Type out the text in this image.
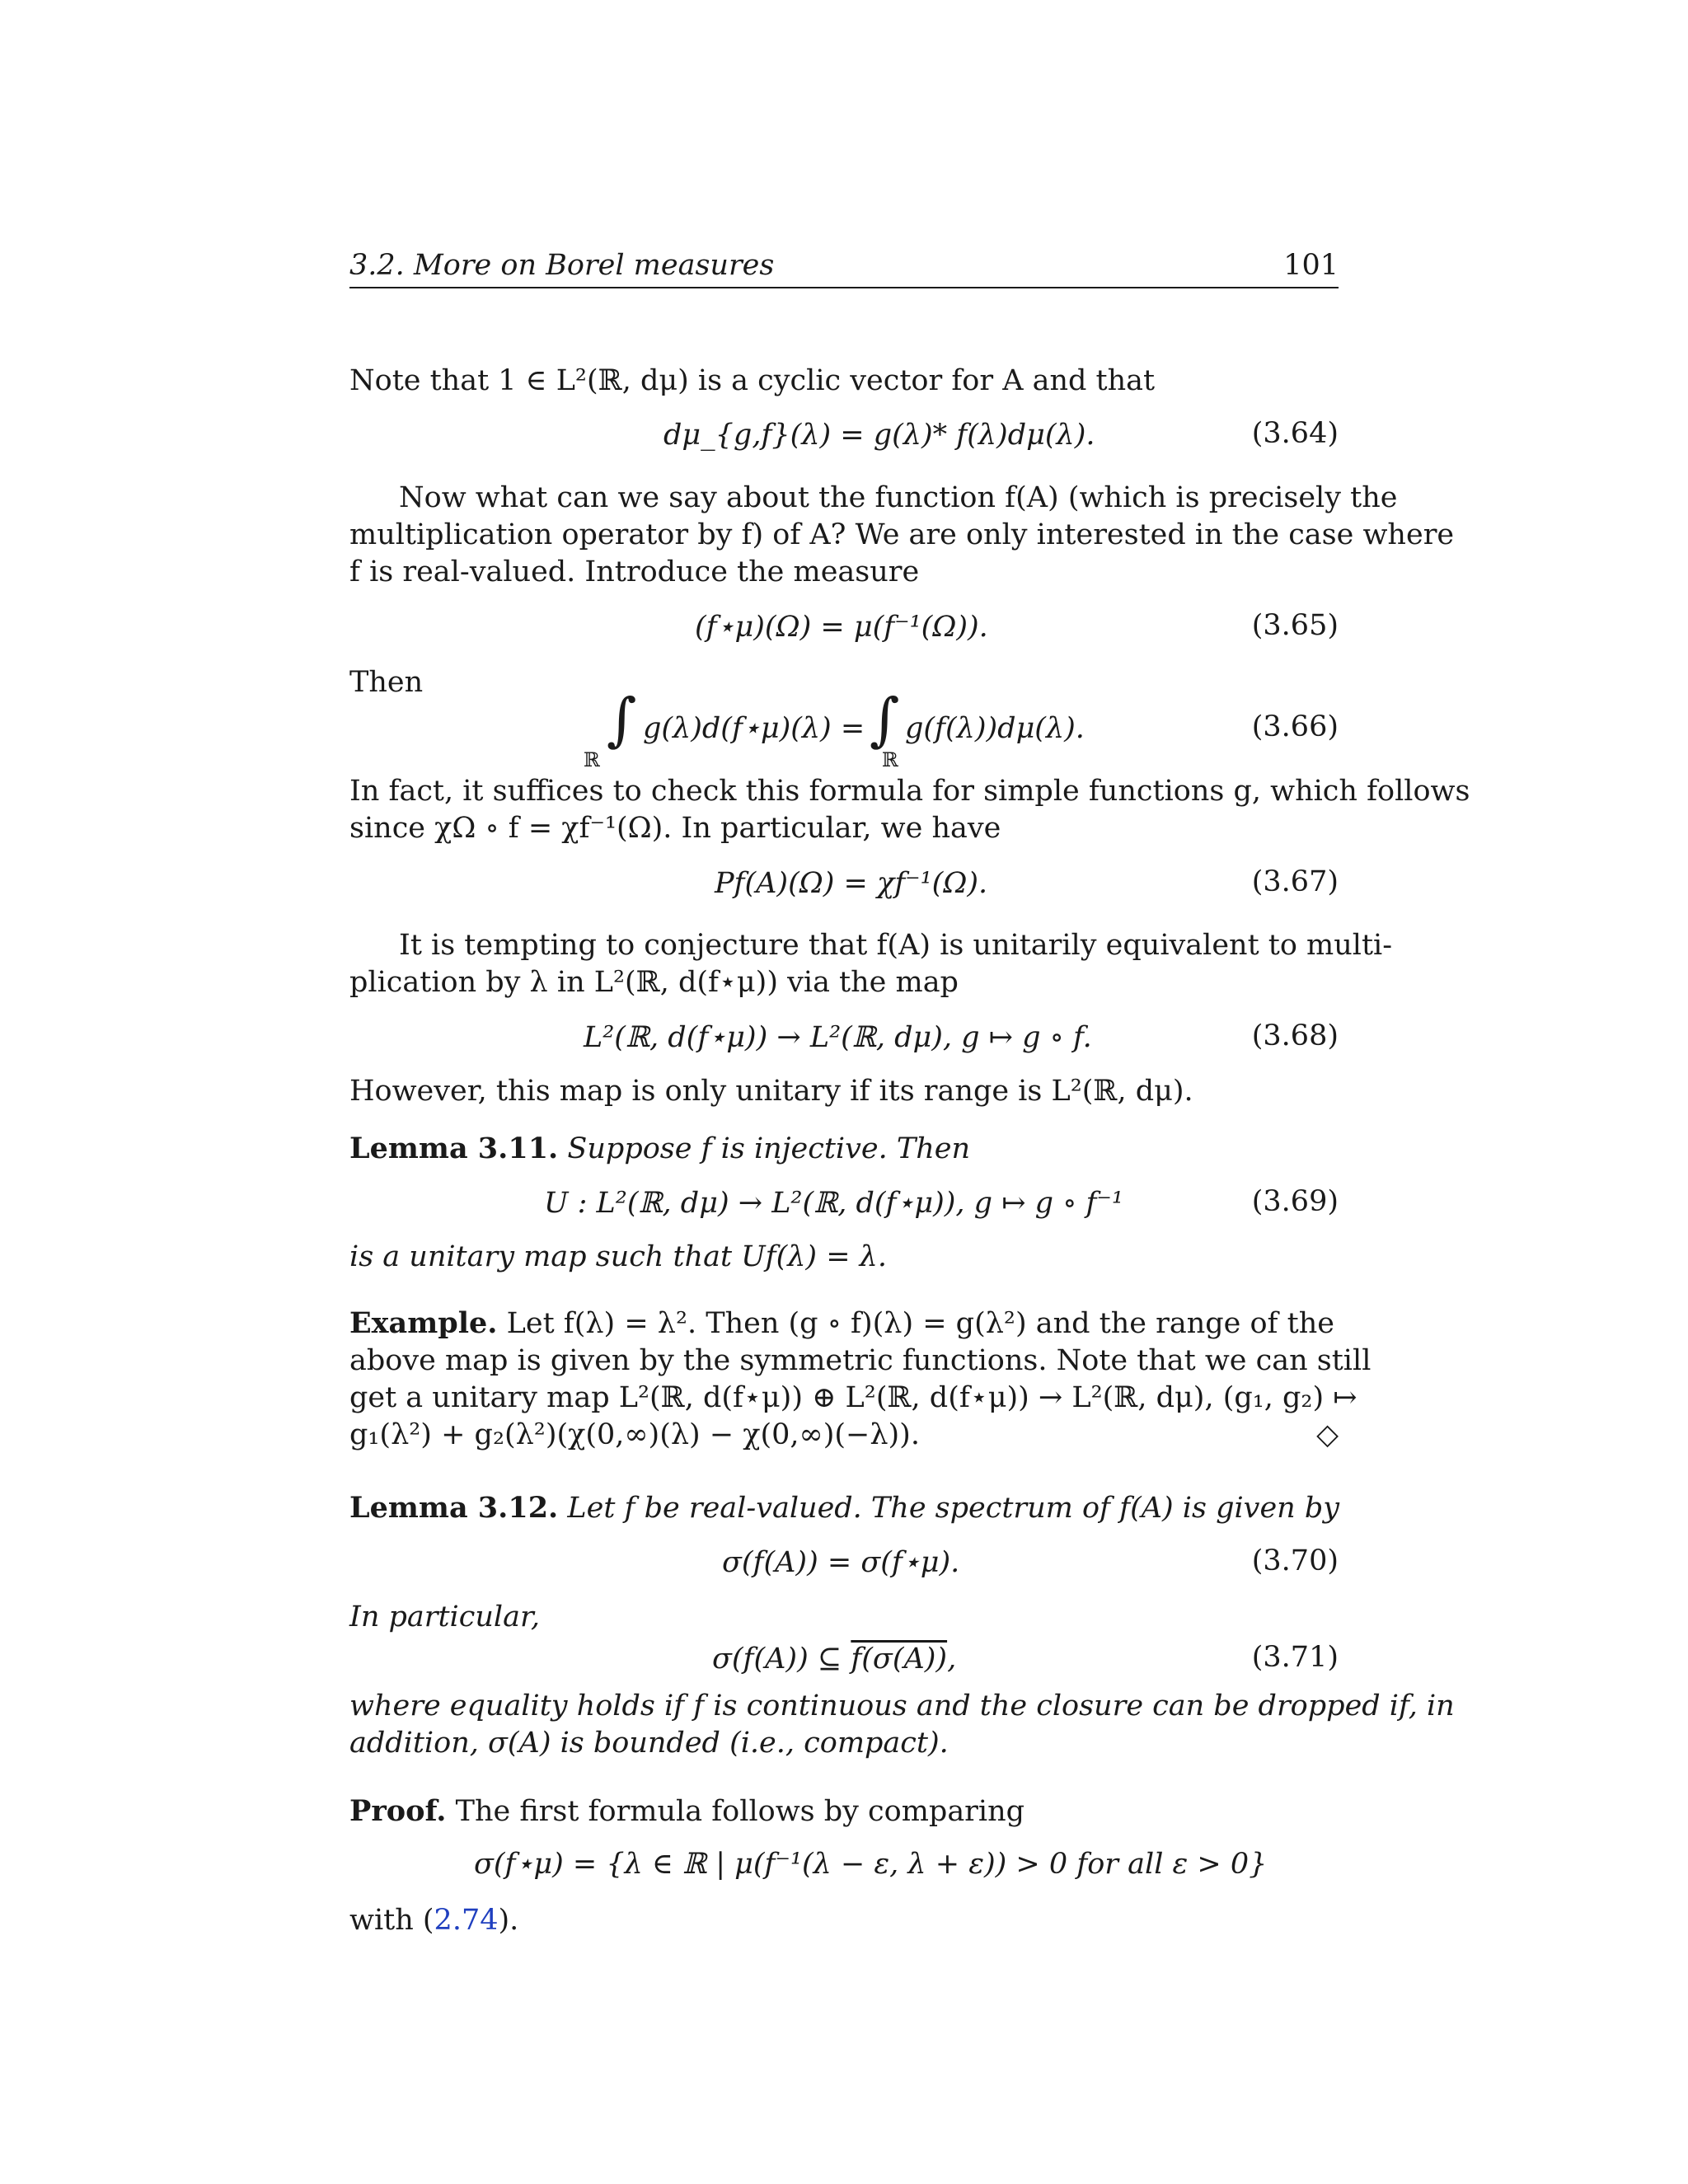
3.2. More on Borel measures	101
Note that 1 ∈ L²(ℝ, dμ) is a cyclic vector for A and that
dμ_{g,f}(λ) = g(λ)* f(λ)dμ(λ).	(3.64)
Now what can we say about the function f(A) (which is precisely the
multiplication operator by f) of A? We are only interested in the case where
f is real-valued. Introduce the measure
(f⋆μ)(Ω) = μ(f⁻¹(Ω)).	(3.65)
Then
∫
ℝ
g(λ)d(f⋆μ)(λ) = ∫
ℝ
g(f(λ))dμ(λ).	(3.66)
In fact, it suffices to check this formula for simple functions g, which follows
since χΩ ∘ f = χf⁻¹(Ω). In particular, we have
Pf(A)(Ω) = χf⁻¹(Ω).	(3.67)
It is tempting to conjecture that f(A) is unitarily equivalent to multi-
plication by λ in L²(ℝ, d(f⋆μ)) via the map
L²(ℝ, d(f⋆μ)) → L²(ℝ, dμ), g ↦ g ∘ f.	(3.68)
However, this map is only unitary if its range is L²(ℝ, dμ).
Lemma 3.11. Suppose f is injective. Then
U : L²(ℝ, dμ) → L²(ℝ, d(f⋆μ)), g ↦ g ∘ f⁻¹	(3.69)
is a unitary map such that Uf(λ) = λ.
Example. Let f(λ) = λ². Then (g ∘ f)(λ) = g(λ²) and the range of the
above map is given by the symmetric functions. Note that we can still
get a unitary map L²(ℝ, d(f⋆μ)) ⊕ L²(ℝ, d(f⋆μ)) → L²(ℝ, dμ), (g₁, g₂) ↦
g₁(λ²) + g₂(λ²)(χ(0,∞)(λ) − χ(0,∞)(−λ)).	◇
Lemma 3.12. Let f be real-valued. The spectrum of f(A) is given by
σ(f(A)) = σ(f⋆μ).	(3.70)
In particular,
σ(f(A)) ⊆ f(σ(A)),	(3.71)
where equality holds if f is continuous and the closure can be dropped if, in
addition, σ(A) is bounded (i.e., compact).
Proof. The first formula follows by comparing
σ(f⋆μ) = {λ ∈ ℝ | μ(f⁻¹(λ − ε, λ + ε)) > 0 for all ε > 0}
with (2.74).
